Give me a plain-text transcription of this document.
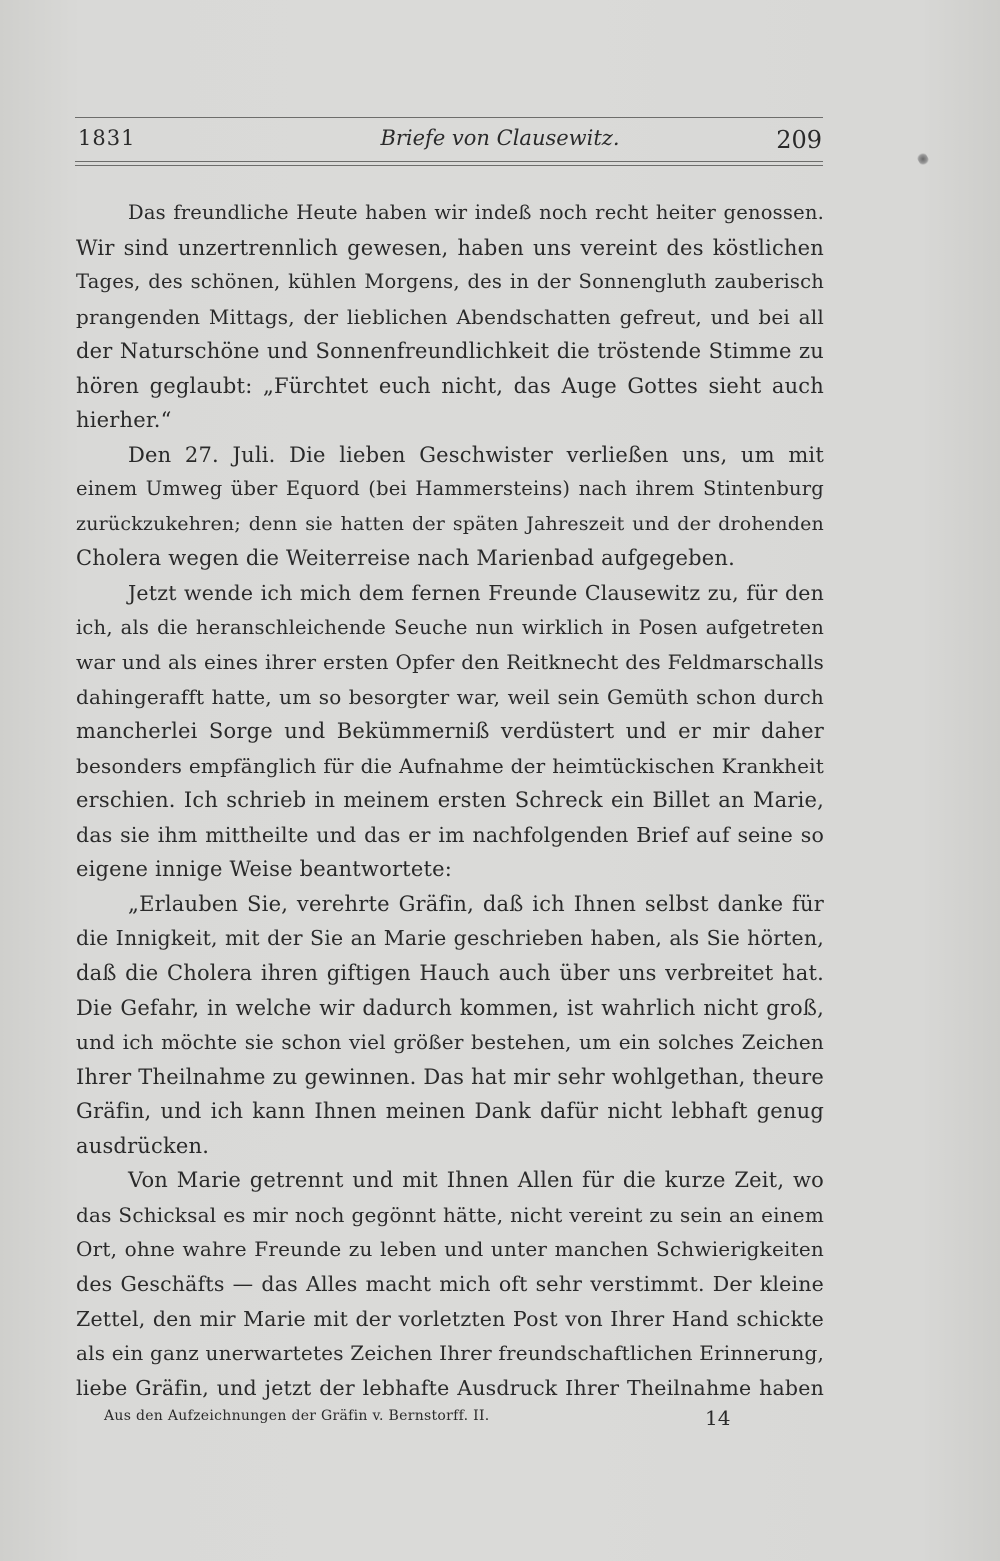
1831	Briefe von Clausewitz.	209
Das freundliche Heute haben wir indeß noch recht heiter genossen.
Wir sind unzertrennlich gewesen, haben uns vereint des köstlichen
Tages, des schönen, kühlen Morgens, des in der Sonnengluth zauberisch
prangenden Mittags, der lieblichen Abendschatten gefreut, und bei all
der Naturschöne und Sonnenfreundlichkeit die tröstende Stimme zu
hören geglaubt: „Fürchtet euch nicht, das Auge Gottes sieht auch
hierher.“
Den 27. Juli. Die lieben Geschwister verließen uns, um mit
einem Umweg über Equord (bei Hammersteins) nach ihrem Stintenburg
zurückzukehren; denn sie hatten der späten Jahreszeit und der drohenden
Cholera wegen die Weiterreise nach Marienbad aufgegeben.
Jetzt wende ich mich dem fernen Freunde Clausewitz zu, für den
ich, als die heranschleichende Seuche nun wirklich in Posen aufgetreten
war und als eines ihrer ersten Opfer den Reitknecht des Feldmarschalls
dahingerafft hatte, um so besorgter war, weil sein Gemüth schon durch
mancherlei Sorge und Bekümmerniß verdüstert und er mir daher
besonders empfänglich für die Aufnahme der heimtückischen Krankheit
erschien. Ich schrieb in meinem ersten Schreck ein Billet an Marie,
das sie ihm mittheilte und das er im nachfolgenden Brief auf seine so
eigene innige Weise beantwortete:
„Erlauben Sie, verehrte Gräfin, daß ich Ihnen selbst danke für
die Innigkeit, mit der Sie an Marie geschrieben haben, als Sie hörten,
daß die Cholera ihren giftigen Hauch auch über uns verbreitet hat.
Die Gefahr, in welche wir dadurch kommen, ist wahrlich nicht groß,
und ich möchte sie schon viel größer bestehen, um ein solches Zeichen
Ihrer Theilnahme zu gewinnen. Das hat mir sehr wohlgethan, theure
Gräfin, und ich kann Ihnen meinen Dank dafür nicht lebhaft genug
ausdrücken.
Von Marie getrennt und mit Ihnen Allen für die kurze Zeit, wo
das Schicksal es mir noch gegönnt hätte, nicht vereint zu sein an einem
Ort, ohne wahre Freunde zu leben und unter manchen Schwierigkeiten
des Geschäfts — das Alles macht mich oft sehr verstimmt. Der kleine
Zettel, den mir Marie mit der vorletzten Post von Ihrer Hand schickte
als ein ganz unerwartetes Zeichen Ihrer freundschaftlichen Erinnerung,
liebe Gräfin, und jetzt der lebhafte Ausdruck Ihrer Theilnahme haben
Aus den Aufzeichnungen der Gräfin v. Bernstorff. II.	14
